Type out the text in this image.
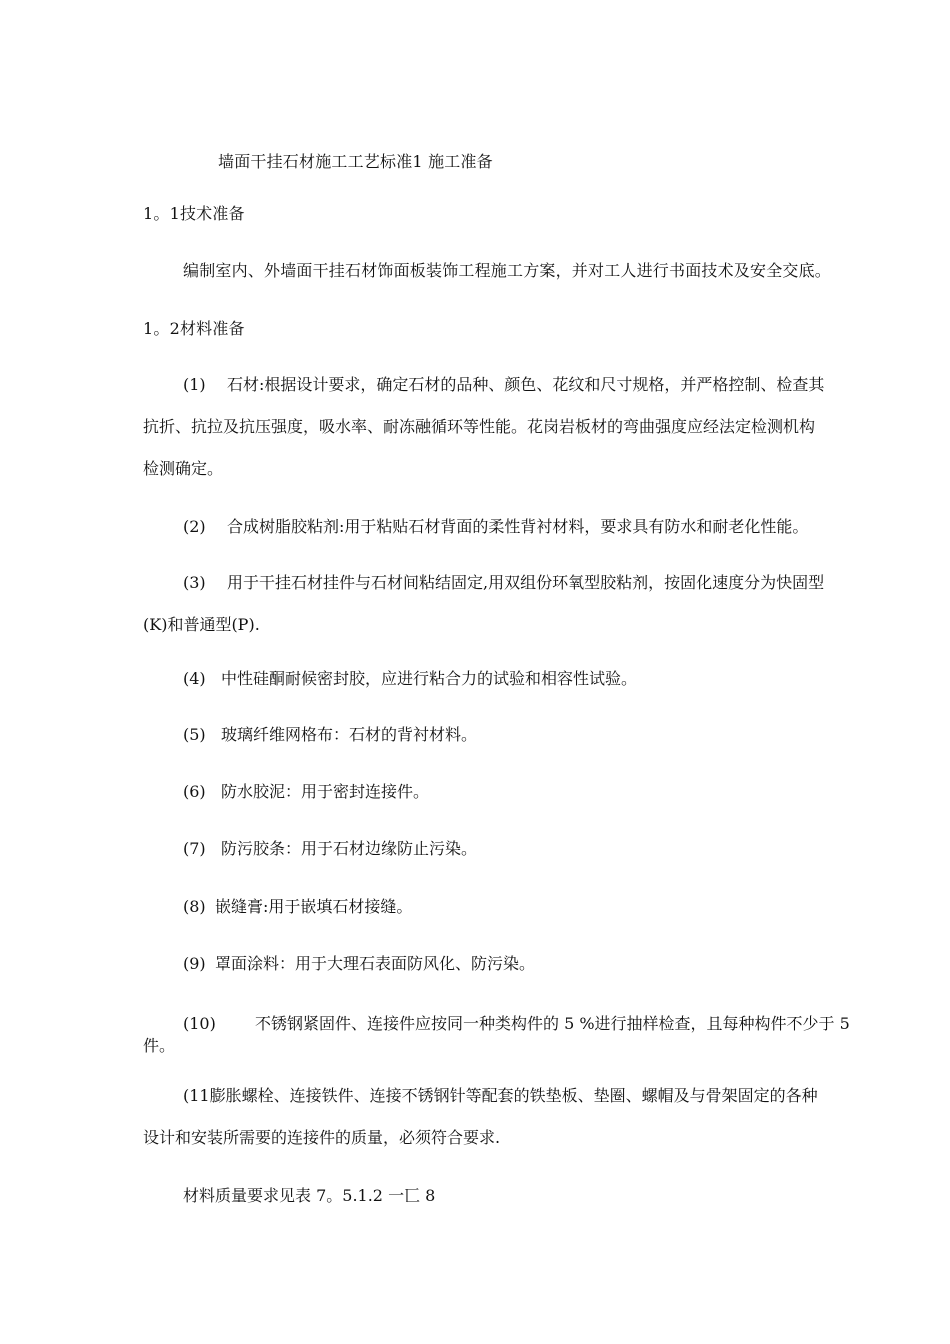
墙面干挂石材施工工艺标准1 施工准备
1。1技术准备
编制室内、外墙面干挂石材饰面板装饰工程施工方案，并对工人进行书面技术及安全交底。
1。2材料准备
(1) 石材:根据设计要求，确定石材的品种、颜色、花纹和尺寸规格，并严格控制、检查其
抗折、抗拉及抗压强度，吸水率、耐冻融循环等性能。花岗岩板材的弯曲强度应经法定检测机构
检测确定。
(2) 合成树脂胶粘剂:用于粘贴石材背面的柔性背衬材料，要求具有防水和耐老化性能。
(3) 用于干挂石材挂件与石材间粘结固定,用双组份环氧型胶粘剂，按固化速度分为快固型
(K)和普通型(P).
(4) 中性硅酮耐候密封胶，应进行粘合力的试验和相容性试验。
(5) 玻璃纤维网格布：石材的背衬材料。
(6) 防水胶泥：用于密封连接件。
(7) 防污胶条：用于石材边缘防止污染。
(8) 嵌缝膏:用于嵌填石材接缝。
(9) 罩面涂料：用于大理石表面防风化、防污染。
(10) 不锈钢紧固件、连接件应按同一种类构件的 5 %进行抽样检查，且每种构件不少于 5
件。
(11膨胀螺栓、连接铁件、连接不锈钢针等配套的铁垫板、垫圈、螺帽及与骨架固定的各种
设计和安装所需要的连接件的质量，必须符合要求.
材料质量要求见表 7。5.1.2 一匸 8
